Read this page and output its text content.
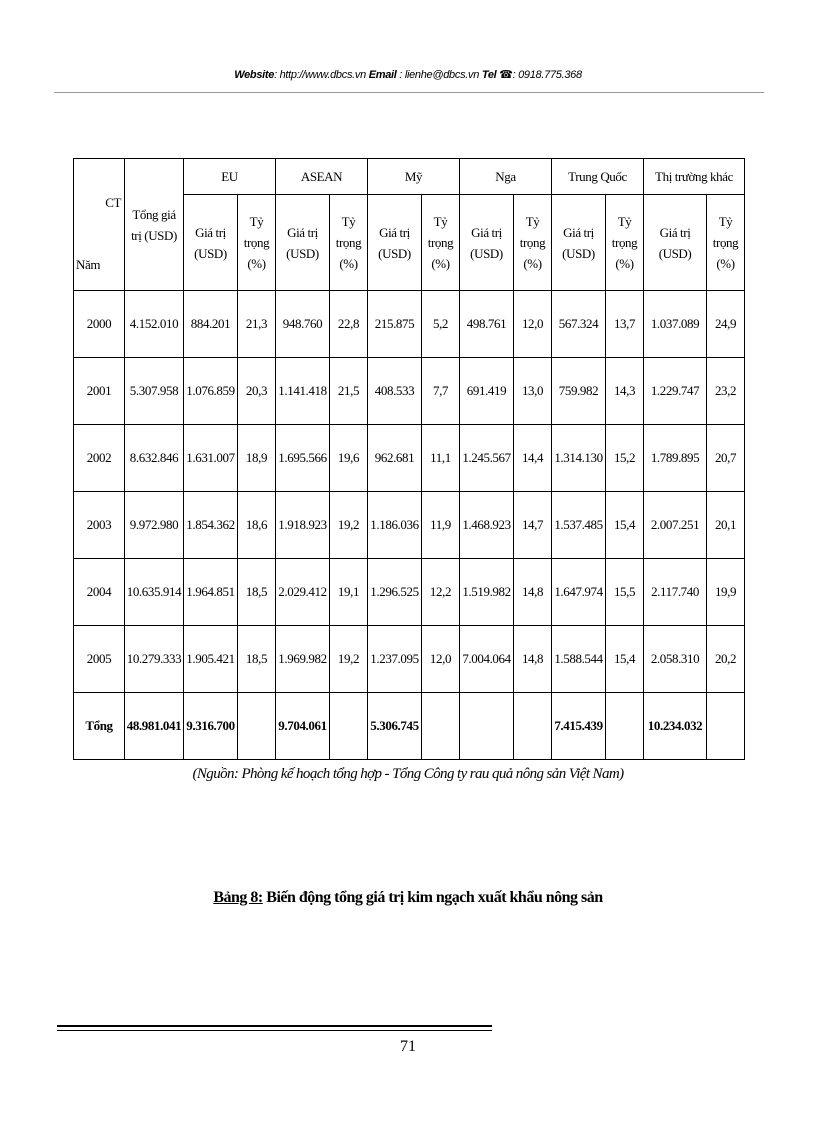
Website: http://www.dbcs.vn Email : lienhe@dbcs.vn Tel ☎: 0918.775.368
CT
Năm	Tổng giá trị (USD)	EU		ASEAN		Mỹ		Nga		Trung Quốc		Thị trường khác	
		Giá trị (USD)	Tỷ trọng (%)	Giá trị (USD)	Tỷ trọng (%)	Giá trị (USD)	Tỷ trọng (%)	Giá trị (USD)	Tỷ trọng (%)	Giá trị (USD)	Tỷ trọng (%)	Giá trị (USD)	Tỷ trọng (%)
2000	4.152.010	884.201	21,3	948.760	22,8	215.875	5,2	498.761	12,0	567.324	13,7	1.037.089	24,9
2001	5.307.958	1.076.859	20,3	1.141.418	21,5	408.533	7,7	691.419	13,0	759.982	14,3	1.229.747	23,2
2002	8.632.846	1.631.007	18,9	1.695.566	19,6	962.681	11,1	1.245.567	14,4	1.314.130	15,2	1.789.895	20,7
2003	9.972.980	1.854.362	18,6	1.918.923	19,2	1.186.036	11,9	1.468.923	14,7	1.537.485	15,4	2.007.251	20,1
2004	10.635.914	1.964.851	18,5	2.029.412	19,1	1.296.525	12,2	1.519.982	14,8	1.647.974	15,5	2.117.740	19,9
2005	10.279.333	1.905.421	18,5	1.969.982	19,2	1.237.095	12,0	7.004.064	14,8	1.588.544	15,4	2.058.310	20,2
Tổng	48.981.041	9.316.700		9.704.061		5.306.745				7.415.439		10.234.032	
(Nguồn: Phòng kế hoạch tổng hợp - Tổng Công ty rau quả nông sản Việt Nam)
Bảng 8: Biến động tổng giá trị kim ngạch xuất khẩu nông sản
71
